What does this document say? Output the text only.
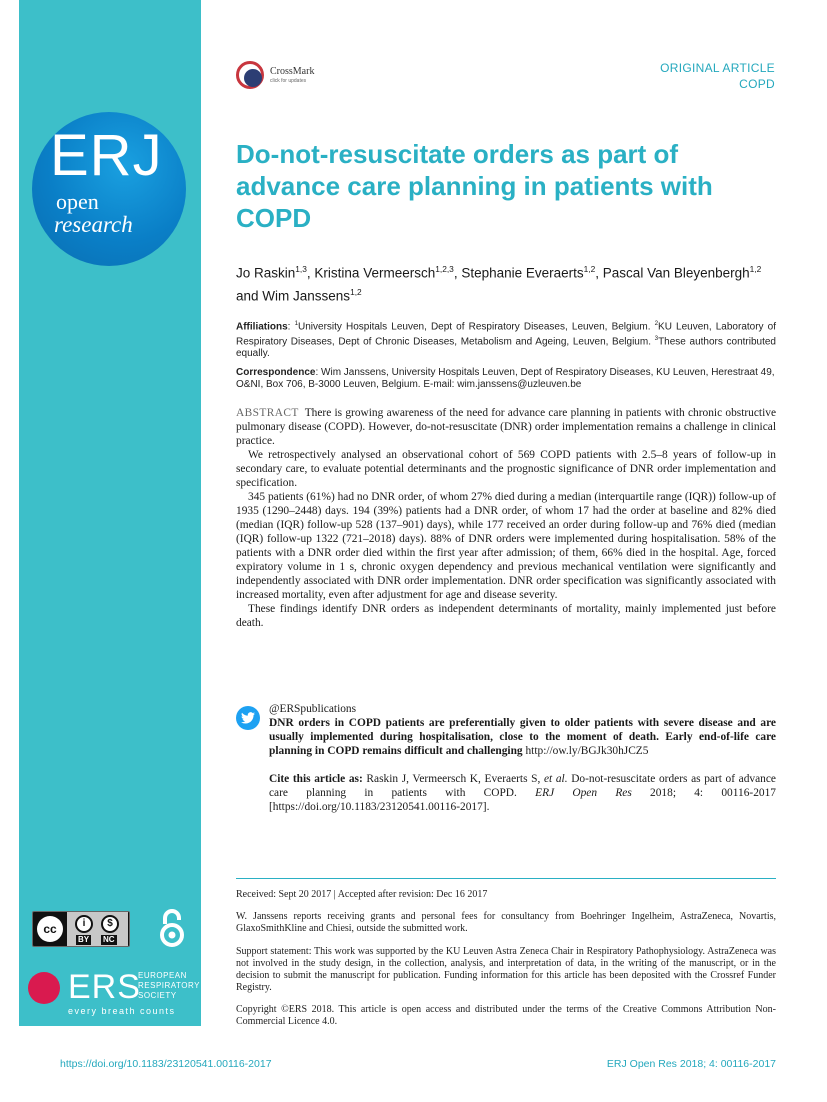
ERJ
open
research
cc	i	$
BY NC
ERS
EUROPEAN
RESPIRATORY
SOCIETY
every breath counts
CrossMark
click for updates
ORIGINAL ARTICLE
COPD
Do-not-resuscitate orders as part of advance care planning in patients with COPD
Jo Raskin$^{1,3}$, Kristina Vermeersch$^{1,2,3}$, Stephanie Everaerts$^{1,2}$, Pascal Van Bleyenbergh$^{1,2}$ and Wim Janssens$^{1,2}$
Affiliations: $^1$University Hospitals Leuven, Dept of Respiratory Diseases, Leuven, Belgium. $^2$KU Leuven, Laboratory of Respiratory Diseases, Dept of Chronic Diseases, Metabolism and Ageing, Leuven, Belgium. $^3$These authors contributed equally.
Correspondence: Wim Janssens, University Hospitals Leuven, Dept of Respiratory Diseases, KU Leuven, Herestraat 49, O&NI, Box 706, B-3000 Leuven, Belgium. E-mail: wim.janssens@uzleuven.be

ABSTRACT There is growing awareness of the need for advance care planning in patients with chronic obstructive pulmonary disease (COPD). However, do-not-resuscitate (DNR) order implementation remains a challenge in clinical practice.

We retrospectively analysed an observational cohort of 569 COPD patients with 2.5–8 years of follow-up in secondary care, to evaluate potential determinants and the prognostic significance of DNR order implementation and specification.

345 patients (61%) had no DNR order, of whom 27% died during a median (interquartile range (IQR)) follow-up of 1935 (1290–2448) days. 194 (39%) patients had a DNR order, of whom 17 had the order at baseline and 82% died (median (IQR) follow-up 528 (137–901) days), while 177 received an order during follow-up and 76% died (median (IQR) follow-up 1322 (721–2018) days). 88% of DNR orders were implemented during hospitalisation. 58% of the patients with a DNR order died within the first year after admission; of them, 66% died in the hospital. Age, forced expiratory volume in 1 s, chronic oxygen dependency and previous mechanical ventilation were significantly and independently associated with DNR order implementation. DNR order specification was significantly associated with increased mortality, even after adjustment for age and disease severity.

These findings identify DNR orders as independent determinants of mortality, mainly implemented just before death.

@ERSpublications
DNR orders in COPD patients are preferentially given to older patients with severe disease and are usually implemented during hospitalisation, close to the moment of death. Early end-of-life care planning in COPD remains difficult and challenging http://ow.ly/BGJk30hJCZ5
Cite this article as: Raskin J, Vermeersch K, Everaerts S, et al. Do-not-resuscitate orders as part of advance care planning in patients with COPD. ERJ Open Res 2018; 4: 00116-2017 [https://doi.org/10.1183/23120541.00116-2017].
Received: Sept 20 2017 | Accepted after revision: Dec 16 2017
W. Janssens reports receiving grants and personal fees for consultancy from Boehringer Ingelheim, AstraZeneca, Novartis, GlaxoSmithKline and Chiesi, outside the submitted work.
Support statement: This work was supported by the KU Leuven Astra Zeneca Chair in Respiratory Pathophysiology. AstraZeneca was not involved in the study design, in the collection, analysis, and interpretation of data, in the writing of the manuscript, or in the decision to submit the manuscript for publication. Funding information for this article has been deposited with the Crossref Funder Registry.
Copyright ©ERS 2018. This article is open access and distributed under the terms of the Creative Commons Attribution Non-Commercial Licence 4.0.
https://doi.org/10.1183/23120541.00116-2017	ERJ Open Res 2018; 4: 00116-2017
